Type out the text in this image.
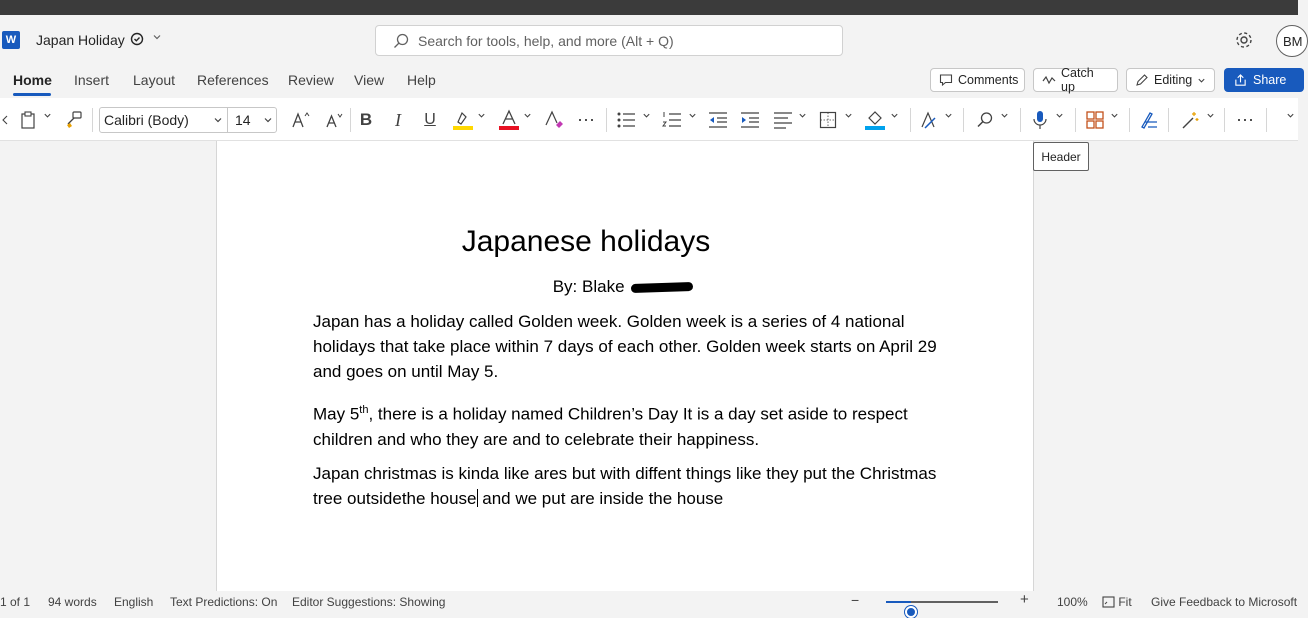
W Japan Holiday
Search for tools, help, and more (Alt + Q)	BM
Home Insert Layout References Review View Help	Comments	Catch up	Editing	Share
Calibri (Body)	14	B	I	U	⋯	⋯
Japanese holidays
By: Blake
Japan has a holiday called Golden week. Golden week is a series of 4 national holidays that take place within 7 days of each other. Golden week starts on April 29 and goes on until May 5.
May 5th, there is a holiday named Children’s Day It is a day set aside to respect children and who they are and to celebrate their happiness.
Japan christmas is kinda like ares but with diffent things like they put the Christmas tree outsidethe house and we put are inside the house
Header
1 of 1 94 words English Text Predictions: On Editor Suggestions: Showing	−	+ 100%	Fit Give Feedback to Microsoft
